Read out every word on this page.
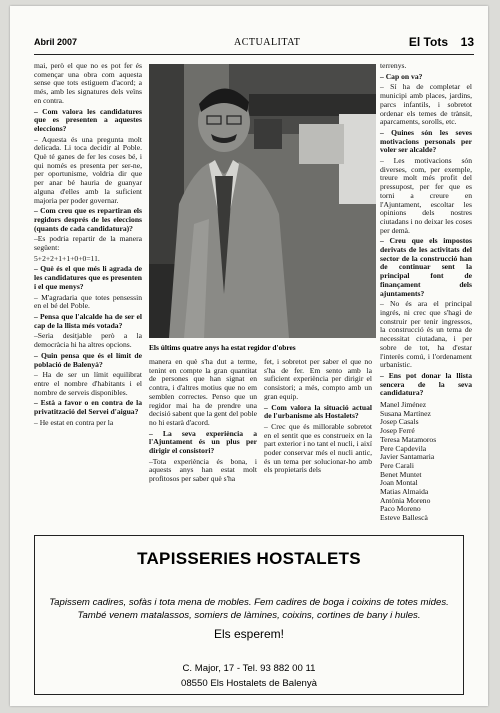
Abril 2007	ACTUALITAT	El Tots 13

mai, però el que no es pot fer és començar una obra com aquesta sense que tots estiguem d'acord; a més, amb les signatures dels veïns en contra.

– Com valora les candidatures que es presenten a aquestes eleccions?

– Aquesta és una pregunta molt delicada. Li toca decidir al Poble. Què té ganes de fer les coses bé, i qui només es presenta per ser-ne, per oportunisme, voldria dir que per anar bé hauria de guanyar alguna d'elles amb la suficient majoria per poder governar.

– Com creu que es repartiran els regidors després de les eleccions (quants de cada candidatura)?

–Es podria repartir de la manera següent:

5+2+2+1+1+0+0=11.

– Què és el que més li agrada de les candidatures que es presenten i el que menys?

– M'agradaria que totes pensessin en el bé del Poble.

– Pensa que l'alcalde ha de ser el cap de la llista més votada?

–Seria desitjable però a la democràcia hi ha altres opcions.

– Quin pensa que és el límit de població de Balenyà?

– Ha de ser un límit equilibrat entre el nombre d'habitants i el nombre de serveis disponibles.

– Està a favor o en contra de la privatització del Servei d'aigua?

– He estat en contra per la

Els últims quatre anys ha estat regidor d'obres

manera en què s'ha dut a terme, tenint en compte la gran quantitat de persones que han signat en contra, i d'altres motius que no em semblen correctes. Penso que un regidor mai ha de prendre una decisió sabent que la gent del poble no hi estarà d'acord.

– La seva experiència a l'Ajuntament és un plus per dirigir el consistori?

–Tota experiència és bona, i aquests anys han estat molt profitosos per saber què s'ha

fet, i sobretot per saber el que no s'ha de fer. Em sento amb la suficient experiència per dirigir el consistori; a més, compto amb un gran equip.

– Com valora la situació actual de l'urbanisme als Hostalets?

– Crec que és millorable sobretot en el sentit que es construeix en la part exterior i no tant el nucli, i així poder conservar més el nucli antic, és un tema per solucionar-ho amb els propietaris dels

terrenys.

– Cap on va?

– Sí ha de completar el municipi amb places, jardins, parcs infantils, i sobretot ordenar els temes de trànsit, aparcaments, sorolls, etc.

– Quines són les seves motivacions personals per voler ser alcalde?

– Les motivacions són diverses, com, per exemple, treure molt més profit del pressupost, per fer que es torni a creure en l'Ajuntament, escoltar les opinions dels nostres ciutadans i no deixar les coses per demà.

– Creu que els impostos derivats de les activitats del sector de la construcció han de continuar sent la principal font de finançament dels ajuntaments?

– No és ara el principal ingrés, ni crec que s'hagi de construir per tenir ingressos, la construcció és un tema de necessitat ciutadana, i per sobre de tot, ha d'estar l'interès comú, i l'ordenament urbanístic.

– Ens pot donar la llista sencera de la seva candidatura?

Manel Jiménez
Susana Martínez
Josep Casals
Josep Ferré
Teresa Matamoros
Pere Capdevila
Javier Santamaria
Pere Carali
Benet Muntet
Joan Montal
Matias Almaida
Antònia Moreno
Paco Moreno
Esteve Ballescà
TAPISSERIES HOSTALETS
Tapissem cadires, sofàs i tota mena de mobles. Fem cadires de boga i coixins de totes mides.
També venem matalassos, somiers de làmines, coixins, cortines de bany i hules.
Els esperem!
C. Major, 17 - Tel. 93 882 00 11
08550 Els Hostalets de Balenyà
